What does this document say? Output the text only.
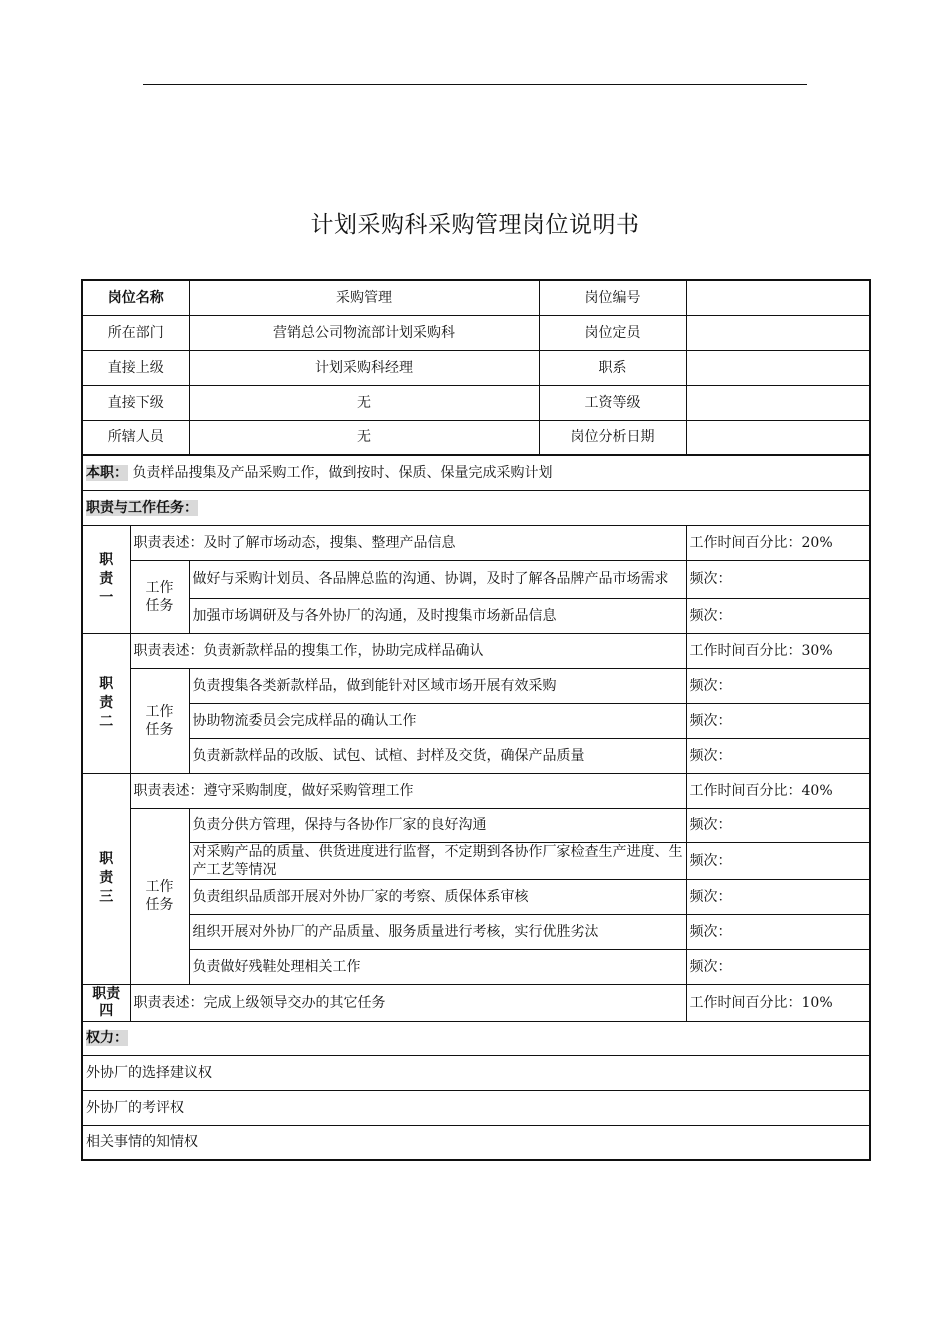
计划采购科采购管理岗位说明书
岗位名称		采购管理	岗位编号	
所在部门		营销总公司物流部计划采购科	岗位定员	
直接上级		计划采购科经理	职系	
直接下级		无	工资等级	
所辖人员		无	岗位分析日期	
本职： 负责样品搜集及产品采购工作，做到按时、保质、保量完成采购计划				
职责与工作任务：				

职
责
一	职责表述：及时了解市场动态，搜集、整理产品信息			工作时间百分比：20%

	工作
任务	做好与采购计划员、各品牌总监的沟通、协调，及时了解各品牌产品市场需求		频次：
		加强市场调研及与各外协厂的沟通，及时搜集市场新品信息		频次：

职
责
二	职责表述：负责新款样品的搜集工作，协助完成样品确认			工作时间百分比：30%

	工作
任务	负责搜集各类新款样品，做到能针对区域市场开展有效采购		频次：
		协助物流委员会完成样品的确认工作		频次：
		负责新款样品的改版、试包、试楦、封样及交货，确保产品质量		频次：

职
责
三	职责表述：遵守采购制度，做好采购管理工作			工作时间百分比：40%

	工作
任务	负责分供方管理，保持与各协作厂家的良好沟通		频次：
		对采购产品的质量、供货进度进行监督，不定期到各协作厂家检查生产进度、生产工艺等情况		频次：
		负责组织品质部开展对外协厂家的考察、质保体系审核		频次：
		组织开展对外协厂的产品质量、服务质量进行考核，实行优胜劣汰		频次：
		负责做好残鞋处理相关工作		频次：

职责
四	职责表述：完成上级领导交办的其它任务			工作时间百分比：10%
权力：				
外协厂的选择建议权				
外协厂的考评权				
相关事情的知情权				
